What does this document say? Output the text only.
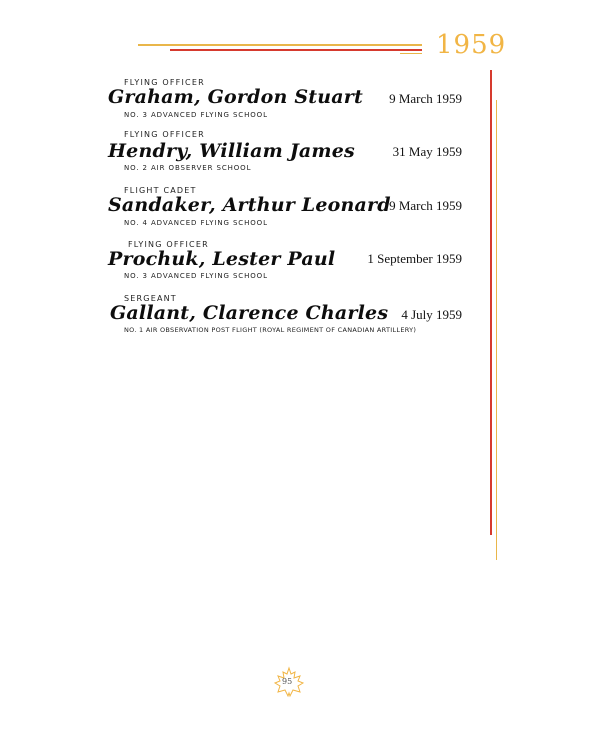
1959
FLYING OFFICER
Graham, Gordon Stuart 9 March 1959
NO. 3 ADVANCED FLYING SCHOOL
FLYING OFFICER
Hendry, William James	31 May 1959
NO. 2 AIR OBSERVER SCHOOL
FLIGHT CADET
Sandaker, Arthur Leonard
9 March 1959
NO. 4 ADVANCED FLYING SCHOOL
FLYING OFFICER
Prochuk, Lester Paul 1 September 1959
NO. 3 ADVANCED FLYING SCHOOL
SERGEANT
Gallant, Clarence Charles 4 July 1959
NO. 1 AIR OBSERVATION POST FLIGHT (ROYAL REGIMENT OF CANADIAN ARTILLERY)
95
